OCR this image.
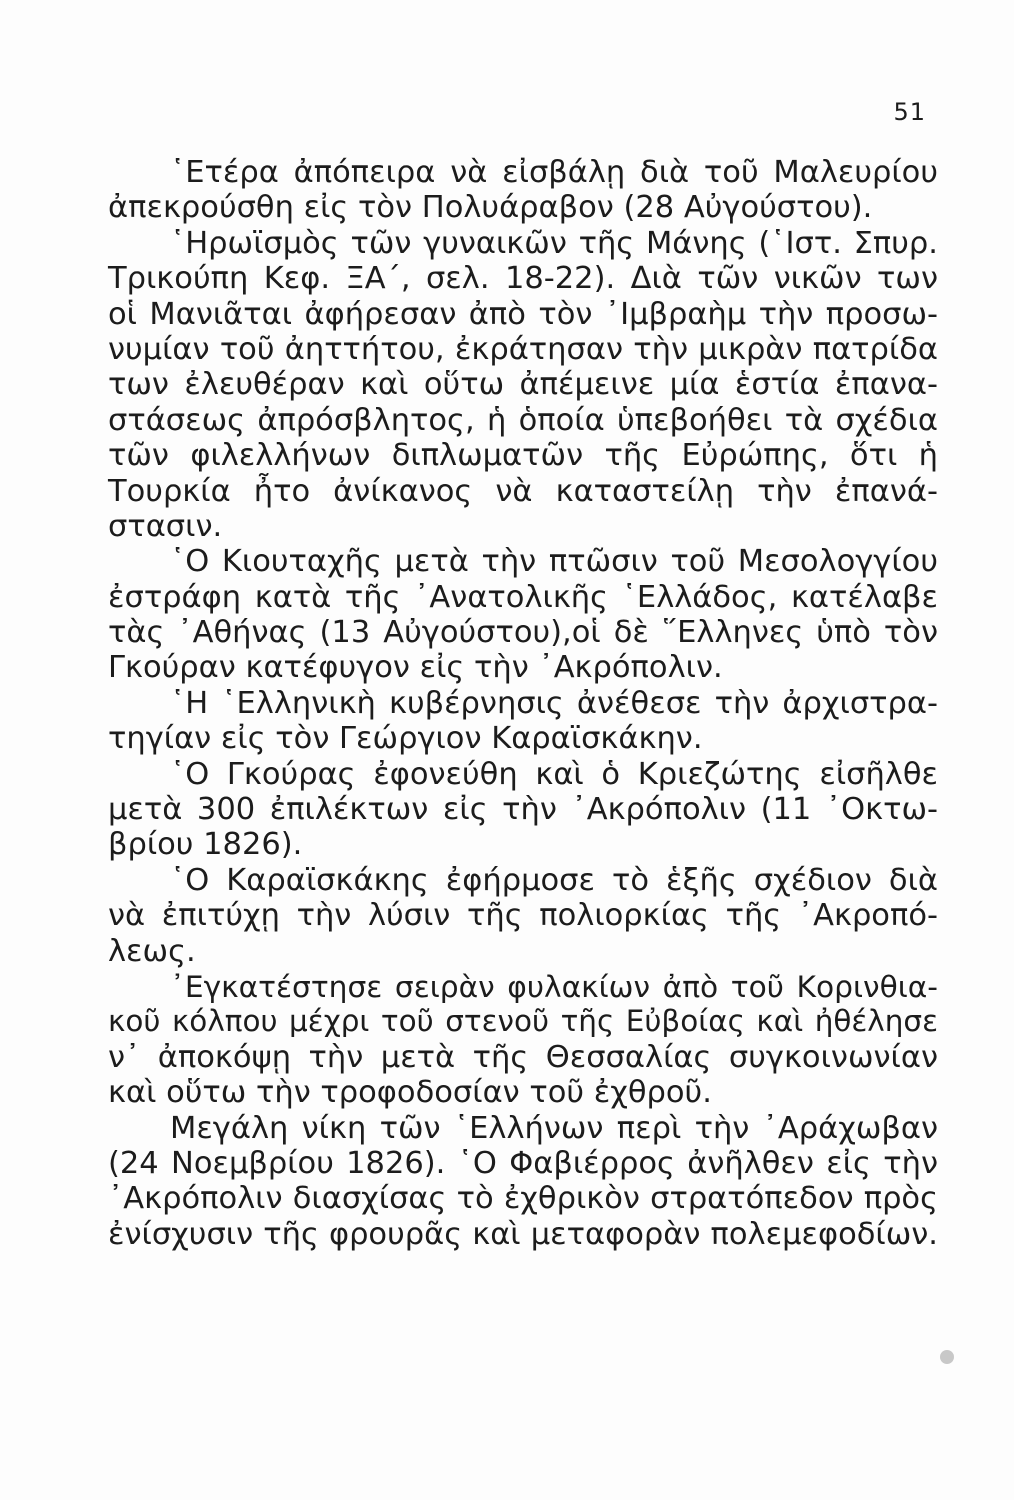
51
῾Ετέρα ἀπόπειρα νὰ εἰσβάλῃ διὰ τοῦ Μαλευρίου
ἀπεκρούσθη εἰς τὸν Πολυάραβον (28 Αὐγούστου).
῾Ηρωϊσμὸς τῶν γυναικῶν τῆς Μάνης (῾Ιστ. Σπυρ.
Τρικούπη Κεφ. ΞΑ΄, σελ. 18-22). Διὰ τῶν νικῶν των
οἱ Μανιᾶται ἀφήρεσαν ἀπὸ τὸν ᾿Ιμβραὴμ τὴν προσω-
νυμίαν τοῦ ἀηττήτου, ἐκράτησαν τὴν μικρὰν πατρίδα
των ἐλευθέραν καὶ οὕτω ἀπέμεινε μία ἑστία ἐπανα-
στάσεως ἀπρόσβλητος, ἡ ὁποία ὑπεβοήθει τὰ σχέδια
τῶν φιλελλήνων διπλωματῶν τῆς Εὐρώπης, ὅτι ἡ
Τουρκία ἦτο ἀνίκανος νὰ καταστείλῃ τὴν ἐπανά-
στασιν.
῾Ο Κιουταχῆς μετὰ τὴν πτῶσιν τοῦ Μεσολογγίου
ἐστράφη κατὰ τῆς ᾿Ανατολικῆς ῾Ελλάδος, κατέλαβε
τὰς ᾿Αθήνας (13 Αὐγούστου),οἱ δὲ ῞Ελληνες ὑπὸ τὸν
Γκούραν κατέφυγον εἰς τὴν ᾿Ακρόπολιν.
῾Η ῾Ελληνικὴ κυβέρνησις ἀνέθεσε τὴν ἀρχιστρα-
τηγίαν εἰς τὸν Γεώργιον Καραϊσκάκην.
῾Ο Γκούρας ἐφονεύθη καὶ ὁ Κριεζώτης εἰσῆλθε
μετὰ 300 ἐπιλέκτων εἰς τὴν ᾿Ακρόπολιν (11 ᾿Οκτω-
βρίου 1826).
῾Ο Καραϊσκάκης ἐφήρμοσε τὸ ἑξῆς σχέδιον διὰ
νὰ ἐπιτύχῃ τὴν λύσιν τῆς πολιορκίας τῆς ᾿Ακροπό-
λεως.
᾿Εγκατέστησε σειρὰν φυλακίων ἀπὸ τοῦ Κορινθια-
κοῦ κόλπου μέχρι τοῦ στενοῦ τῆς Εὐβοίας καὶ ἠθέλησε
ν᾿ ἀποκόψῃ τὴν μετὰ τῆς Θεσσαλίας συγκοινωνίαν
καὶ οὕτω τὴν τροφοδοσίαν τοῦ ἐχθροῦ.
Μεγάλη νίκη τῶν ῾Ελλήνων περὶ τὴν ᾿Αράχωβαν
(24 Νοεμβρίου 1826). ῾Ο Φαβιέρρος ἀνῆλθεν εἰς τὴν
᾿Ακρόπολιν διασχίσας τὸ ἐχθρικὸν στρατόπεδον πρὸς
ἐνίσχυσιν τῆς φρουρᾶς καὶ μεταφορὰν πολεμεφοδίων.
